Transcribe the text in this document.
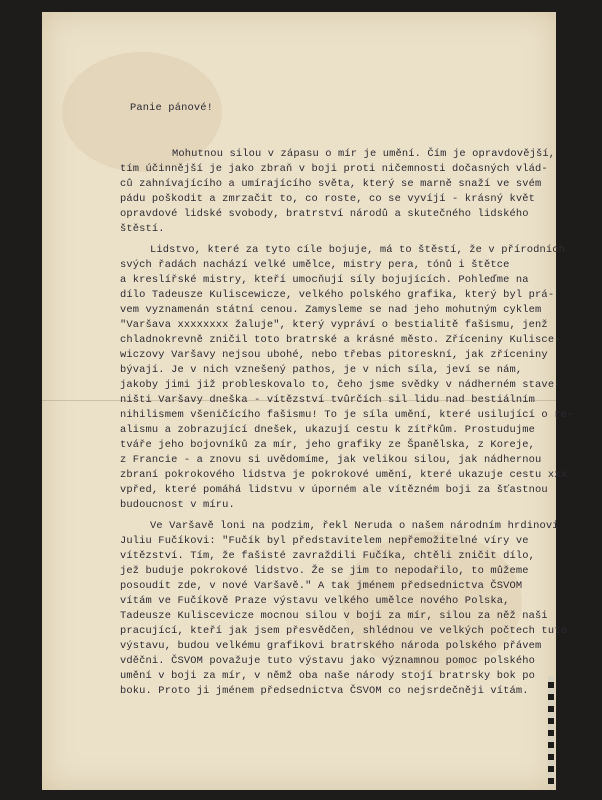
Panie pánové!
Mohutnou silou v zápasu o mír je umění. Čím je opravdovější,
tím účinnější je jako zbraň v boji proti ničemnosti dočasných vlád-
ců zahnívajícího a umírajícího světa, který se marně snaží ve svém
pádu poškodit a zmrzačit to, co roste, co se vyvíjí - krásný květ
opravdové lidské svobody, bratrství národů a skutečného lidského
štěstí.
Lidstvo, které za tyto cíle bojuje, má to štěstí, že v přírodních
svých řadách nachází velké umělce, mistry pera, tónů i štětce
a kreslířské mistry, kteří umocňují síly bojujících. Pohleďme na
dílo Tadeusze Kuliscewicze, velkého polského grafika, který byl prá-
vem vyznamenán státní cenou. Zamysleme se nad jeho mohutným cyklem
"Varšava xxxxxxxx žaluje", který vypráví o bestialitě fašismu, jenž
chladnokrevně zničil toto bratrské a krásné město. Zříceniny Kulisce-
wiczovy Varšavy nejsou ubohé, nebo třebas pitoreskní, jak zříceniny
bývají. Je v nich vznešený pathos, je v nich síla, jeví se nám,
jakoby jimi již probleskovalo to, čeho jsme svědky v nádherném stave-
ništi Varšavy dneška - vítězství tvůrčích sil lidu nad bestiálním
nihilismem všeničícího fašismu! To je síla umění, které usilující o re-
alismu a zobrazující dnešek, ukazují cestu k zítřkům. Prostudujme
tváře jeho bojovníků za mír, jeho grafiky ze Španělska, z Koreje,
z Francie - a znovu si uvědomíme, jak velikou silou, jak nádhernou
zbraní pokrokového lidstva je pokrokové umění, které ukazuje cestu xxx
vpřed, které pomáhá lidstvu v úporném ale vítězném boji za šťastnou
budoucnost v míru.
Ve Varšavě loni na podzim, řekl Neruda o našem národním hrdinovi
Juliu Fučíkovi: "Fučík byl představitelem nepřemožitelné víry ve
vítězství. Tím, že fašisté zavraždili Fučíka, chtěli zničit dílo,
jež buduje pokrokové lidstvo. Že se jim to nepodařilo, to můžeme
posoudit zde, v nové Varšavě." A tak jménem předsednictva ČSVOM
vítám ve Fučíkově Praze výstavu velkého umělce nového Polska,
Tadeusze Kuliscevicze mocnou silou v boji za mír, silou za něž naši
pracující, kteří jak jsem přesvědčen, shlédnou ve velkých počtech tuto
výstavu, budou velkému grafikovi bratrského národa polského přávem
vděčni. ČSVOM považuje tuto výstavu jako významnou pomoc polského
umění v boji za mír, v němž oba naše národy stojí bratrsky bok po
boku. Proto ji jménem předsednictva ČSVOM co nejsrdečněji vítám.
